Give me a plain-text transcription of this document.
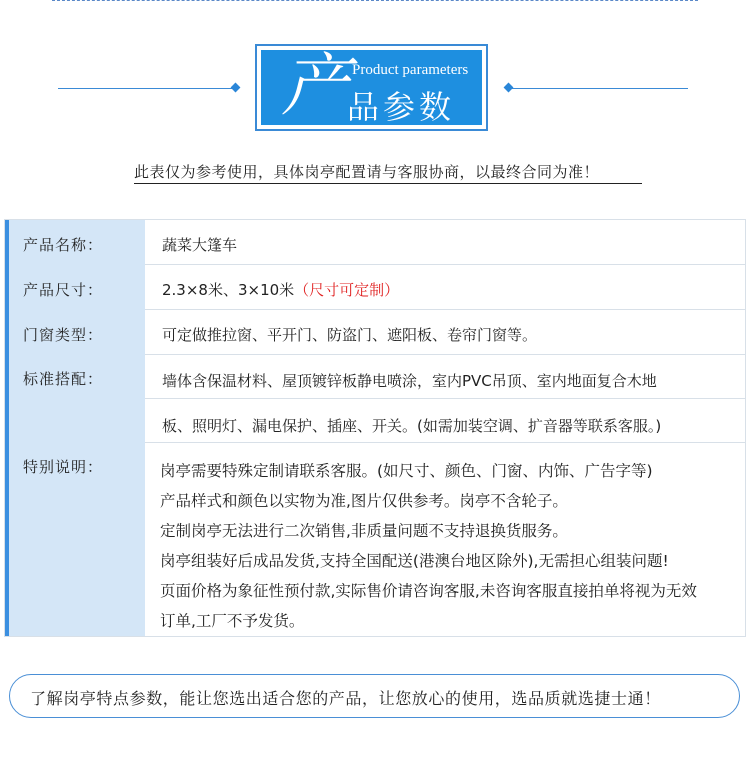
产 Product parameters
品参数
此表仅为参考使用，具体岗亭配置请与客服协商，以最终合同为准！
产品名称：	蔬菜大篷车
产品尺寸：	2.3×8米、3×10米（尺寸可定制）
门窗类型：	可定做推拉窗、平开门、防盗门、遮阳板、卷帘门窗等。
标准搭配：	墙体含保温材料、屋顶镀锌板静电喷涂，室内PVC吊顶、室内地面复合木地
板、照明灯、漏电保护、插座、开关。(如需加装空调、扩音器等联系客服。)
特别说明：	岗亭需要特殊定制请联系客服。(如尺寸、颜色、门窗、内饰、广告字等)
产品样式和颜色以实物为准,图片仅供参考。岗亭不含轮子。
定制岗亭无法进行二次销售,非质量问题不支持退换货服务。
岗亭组装好后成品发货,支持全国配送(港澳台地区除外),无需担心组装问题!
页面价格为象征性预付款,实际售价请咨询客服,未咨询客服直接拍单将视为无效
订单,工厂不予发货。
了解岗亭特点参数，能让您选出适合您的产品，让您放心的使用，选品质就选捷士通！
